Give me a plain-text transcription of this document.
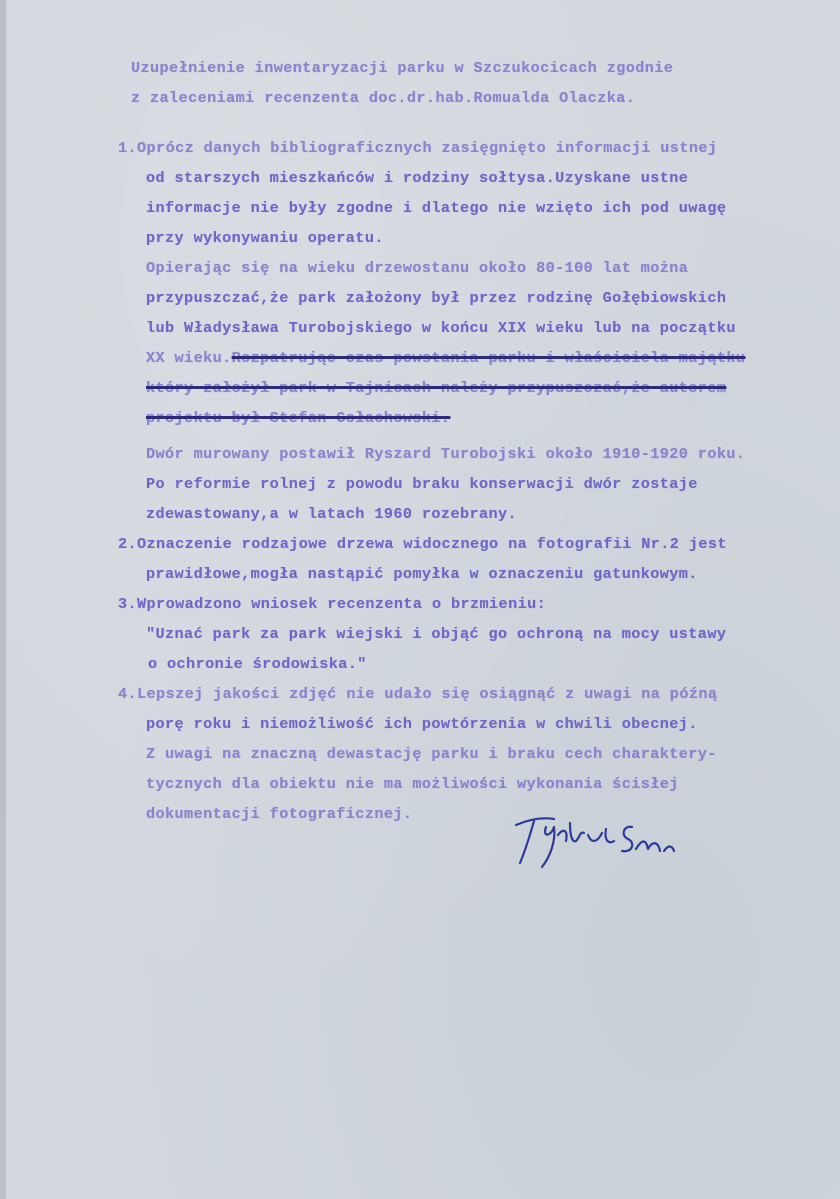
Uzupełnienie inwentaryzacji parku w Szczukocicach zgodnie
z zaleceniami recenzenta doc.dr.hab.Romualda Olaczka.
1.Oprócz danych bibliograficznych zasięgnięto informacji ustnej
od starszych mieszkańców i rodziny sołtysa.Uzyskane ustne
informacje nie były zgodne i dlatego nie wzięto ich pod uwagę
przy wykonywaniu operatu.
Opierając się na wieku drzewostanu około 80-100 lat można
przypuszczać,że park założony był przez rodzinę Gołębiowskich
lub Władysława Turobojskiego w końcu XIX wieku lub na początku
XX wieku.Rozpatrując czas powstania parku i właściciela majątku
który założył park w Tajnicach należy przypuszczać,że autorem
projektu był Stefan Gołachowski.
Dwór murowany postawił Ryszard Turobojski około 1910-1920 roku.
Po reformie rolnej z powodu braku konserwacji dwór zostaje
zdewastowany,a w latach 1960 rozebrany.
2.Oznaczenie rodzajowe drzewa widocznego na fotografii Nr.2 jest
prawidłowe,mogła nastąpić pomyłka w oznaczeniu gatunkowym.
3.Wprowadzono wniosek recenzenta o brzmieniu:
"Uznać park za park wiejski i objąć go ochroną na mocy ustawy
o ochronie środowiska."
4.Lepszej jakości zdjęć nie udało się osiągnąć z uwagi na późną
porę roku i niemożliwość ich powtórzenia w chwili obecnej.
Z uwagi na znaczną dewastację parku i braku cech charaktery-
tycznych dla obiektu nie ma możliwości wykonania ścisłej
dokumentacji fotograficznej.
